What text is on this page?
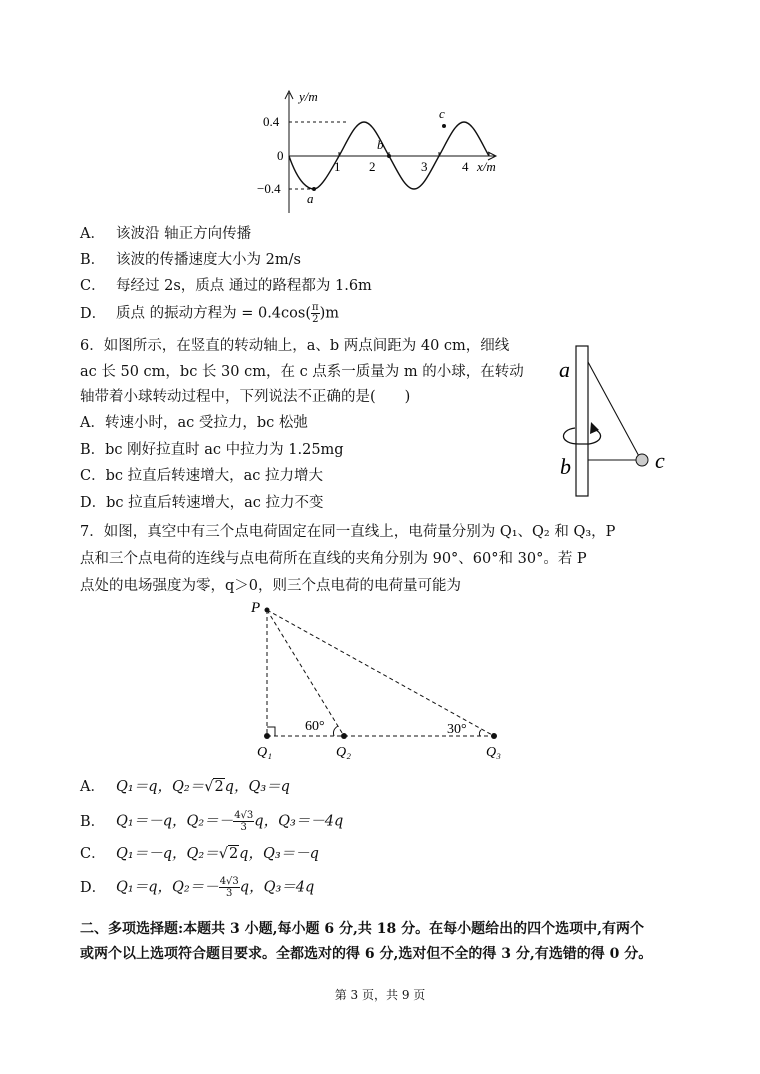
y/m
0.4
0
−0.4
1 2	3	4 x/m
a
b
c
A． 该波沿 轴正方向传播
B． 该波的传播速度大小为 2m/s
C． 每经过 2s，质点 通过的路程都为 1.6m
D． 质点 的振动方程为 = $0.4\cos( \frac{\pi}{2} )m$
6．如图所示，在竖直的转动轴上，a、b 两点间距为 40 cm，细线
ac 长 50 cm，bc 长 30 cm，在 c 点系一质量为 m 的小球，在转动
轴带着小球转动过程中，下列说法不正确的是(　　)
A．转速小时，ac 受拉力，bc 松弛
B．bc 刚好拉直时 ac 中拉力为 1.25mg
C．bc 拉直后转速增大，ac 拉力增大
D．bc 拉直后转速增大，ac 拉力不变
a
b	c
7．如图，真空中有三个点电荷固定在同一直线上，电荷量分别为 Q₁、Q₂ 和 Q₃，P
点和三个点电荷的连线与点电荷所在直线的夹角分别为 90°、60°和 30°。若 P
点处的电场强度为零，q＞0，则三个点电荷的电荷量可能为
P
60°	30°
Q₁	Q₂	Q₃
A． Q₁＝q，Q₂＝√2q，Q₃＝q
B． Q₁＝－q，$Q_2=- \frac{4√3}{3}$ q，Q₃＝－4q
C． Q₁＝－q，Q₂＝√2q，Q₃＝－q
D． Q₁＝q，$Q_2=- \frac{4√3}{3}$ q，Q₃＝4q
二、多项选择题:本题共 3 小题,每小题 6 分,共 18 分。在每小题给出的四个选项中,有两个
或两个以上选项符合题目要求。全都选对的得 6 分,选对但不全的得 3 分,有选错的得 0 分。
第 3 页，共 9 页
